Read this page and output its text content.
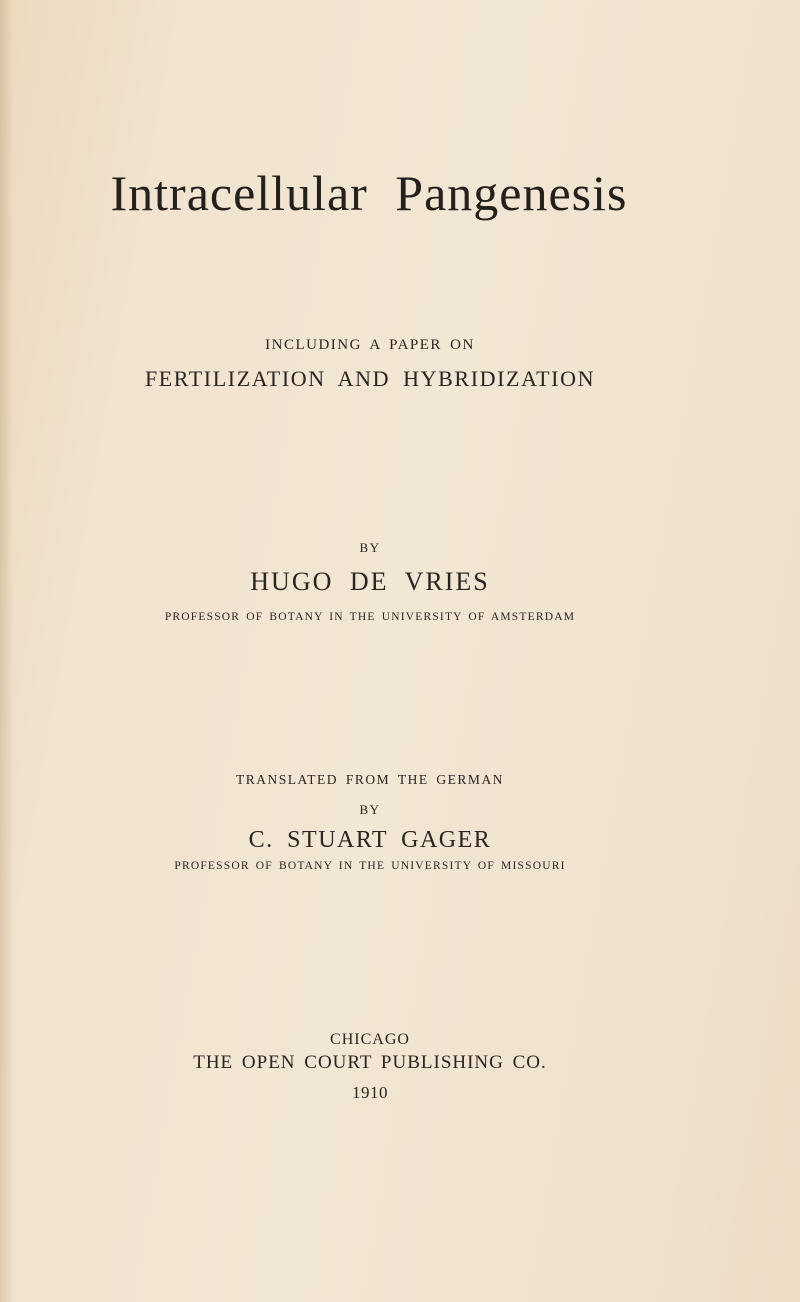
Intracellular Pangenesis
INCLUDING A PAPER ON
FERTILIZATION AND HYBRIDIZATION
BY
HUGO DE VRIES
PROFESSOR OF BOTANY IN THE UNIVERSITY OF AMSTERDAM
TRANSLATED FROM THE GERMAN
BY
C. STUART GAGER
PROFESSOR OF BOTANY IN THE UNIVERSITY OF MISSOURI
CHICAGO
THE OPEN COURT PUBLISHING CO.
1910
